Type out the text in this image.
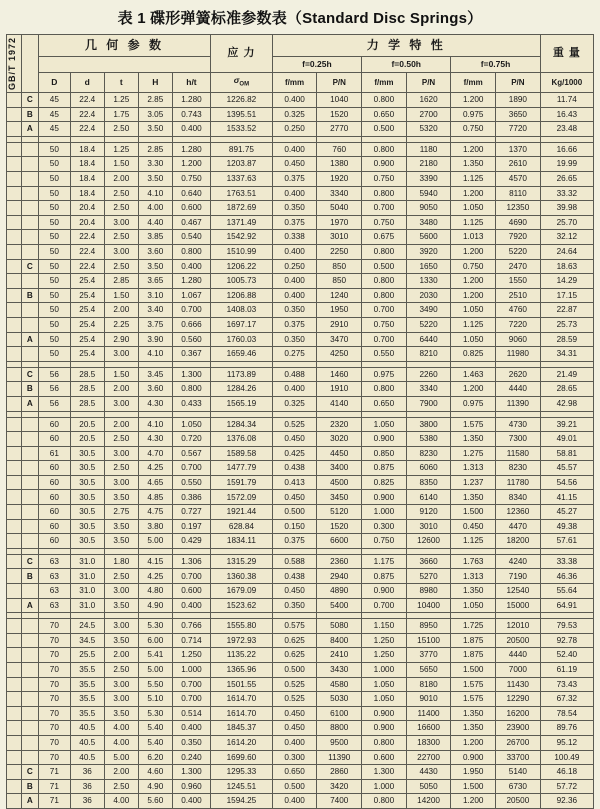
表 1 碟形弹簧标准参数表（Standard Disc Springs）
GB/T 1972		几 何 参 数					应 力	力 学 特 性						重 量
								f=0.25h		f=0.50h		f=0.75h		
		D	d	t	H	h/t	$\sigma_{OM}$	f/mm	P/N	f/mm	P/N	f/mm	P/N	Kg/1000
	C	45	22.4	1.25	2.85	1.280	1226.82	0.400	1040	0.800	1620	1.200	1890	11.74
	B	45	22.4	1.75	3.05	0.743	1395.51	0.325	1520	0.650	2700	0.975	3650	16.43
	A	45	22.4	2.50	3.50	0.400	1533.52	0.250	2770	0.500	5320	0.750	7720	23.48

		50	18.4	1.25	2.85	1.280	891.75	0.400	760	0.800	1180	1.200	1370	16.66
		50	18.4	1.50	3.30	1.200	1203.87	0.450	1380	0.900	2180	1.350	2610	19.99
		50	18.4	2.00	3.50	0.750	1337.63	0.375	1920	0.750	3390	1.125	4570	26.65
		50	18.4	2.50	4.10	0.640	1763.51	0.400	3340	0.800	5940	1.200	8110	33.32
		50	20.4	2.50	4.00	0.600	1872.69	0.350	5040	0.700	9050	1.050	12350	39.98
		50	20.4	3.00	4.40	0.467	1371.49	0.375	1970	0.750	3480	1.125	4690	25.70
		50	22.4	2.50	3.85	0.540	1542.92	0.338	3010	0.675	5600	1.013	7920	32.12
		50	22.4	3.00	3.60	0.800	1510.99	0.400	2250	0.800	3920	1.200	5220	24.64
	C	50	22.4	2.50	3.50	0.400	1206.22	0.250	850	0.500	1650	0.750	2470	18.63
		50	25.4	2.85	3.65	1.280	1005.73	0.400	850	0.800	1330	1.200	1550	14.29
	B	50	25.4	1.50	3.10	1.067	1206.88	0.400	1240	0.800	2030	1.200	2510	17.15
		50	25.4	2.00	3.40	0.700	1408.03	0.350	1950	0.700	3490	1.050	4760	22.87
		50	25.4	2.25	3.75	0.666	1697.17	0.375	2910	0.750	5220	1.125	7220	25.73
	A	50	25.4	2.90	3.90	0.560	1760.03	0.350	3470	0.700	6440	1.050	9060	28.59
		50	25.4	3.00	4.10	0.367	1659.46	0.275	4250	0.550	8210	0.825	11980	34.31

	C	56	28.5	1.50	3.45	1.300	1173.89	0.488	1460	0.975	2260	1.463	2620	21.49
	B	56	28.5	2.00	3.60	0.800	1284.26	0.400	1910	0.800	3340	1.200	4440	28.65
	A	56	28.5	3.00	4.30	0.433	1565.19	0.325	4140	0.650	7900	0.975	11390	42.98

		60	20.5	2.00	4.10	1.050	1284.34	0.525	2320	1.050	3800	1.575	4730	39.21
		60	20.5	2.50	4.30	0.720	1376.08	0.450	3020	0.900	5380	1.350	7300	49.01
		61	30.5	3.00	4.70	0.567	1589.58	0.425	4450	0.850	8230	1.275	11580	58.81
		60	30.5	2.50	4.25	0.700	1477.79	0.438	3400	0.875	6060	1.313	8230	45.57
		60	30.5	3.00	4.65	0.550	1591.79	0.413	4500	0.825	8350	1.237	11780	54.56
		60	30.5	3.50	4.85	0.386	1572.09	0.450	3450	0.900	6140	1.350	8340	41.15
		60	30.5	2.75	4.75	0.727	1921.44	0.500	5120	1.000	9120	1.500	12360	45.27
		60	30.5	3.50	3.80	0.197	628.84	0.150	1520	0.300	3010	0.450	4470	49.38
		60	30.5	3.50	5.00	0.429	1834.11	0.375	6600	0.750	12600	1.125	18200	57.61

	C	63	31.0	1.80	4.15	1.306	1315.29	0.588	2360	1.175	3660	1.763	4240	33.38
	B	63	31.0	2.50	4.25	0.700	1360.38	0.438	2940	0.875	5270	1.313	7190	46.36
		63	31.0	3.00	4.80	0.600	1679.09	0.450	4890	0.900	8980	1.350	12540	55.64
	A	63	31.0	3.50	4.90	0.400	1523.62	0.350	5400	0.700	10400	1.050	15000	64.91

		70	24.5	3.00	5.30	0.766	1555.80	0.575	5080	1.150	8950	1.725	12010	79.53
		70	34.5	3.50	6.00	0.714	1972.93	0.625	8400	1.250	15100	1.875	20500	92.78
		70	25.5	2.00	5.41	1.250	1135.22	0.625	2410	1.250	3770	1.875	4440	52.40
		70	35.5	2.50	5.00	1.000	1365.96	0.500	3430	1.000	5650	1.500	7000	61.19
		70	35.5	3.00	5.50	0.700	1501.55	0.525	4580	1.050	8180	1.575	11430	73.43
		70	35.5	3.00	5.10	0.700	1614.70	0.525	5030	1.050	9010	1.575	12290	67.32
		70	35.5	3.50	5.30	0.514	1614.70	0.450	6100	0.900	11400	1.350	16200	78.54
		70	40.5	4.00	5.40	0.400	1845.37	0.450	8800	0.900	16600	1.350	23900	89.76
		70	40.5	4.00	5.40	0.350	1614.20	0.400	9500	0.800	18300	1.200	26700	95.12
		70	40.5	5.00	6.20	0.240	1699.60	0.300	11390	0.600	22700	0.900	33700	100.49
	C	71	36	2.00	4.60	1.300	1295.33	0.650	2860	1.300	4430	1.950	5140	46.18
	B	71	36	2.50	4.90	0.960	1245.51	0.500	3420	1.000	5050	1.500	6730	57.72
	A	71	36	4.00	5.60	0.400	1594.25	0.400	7400	0.800	14200	1.200	20500	92.36
